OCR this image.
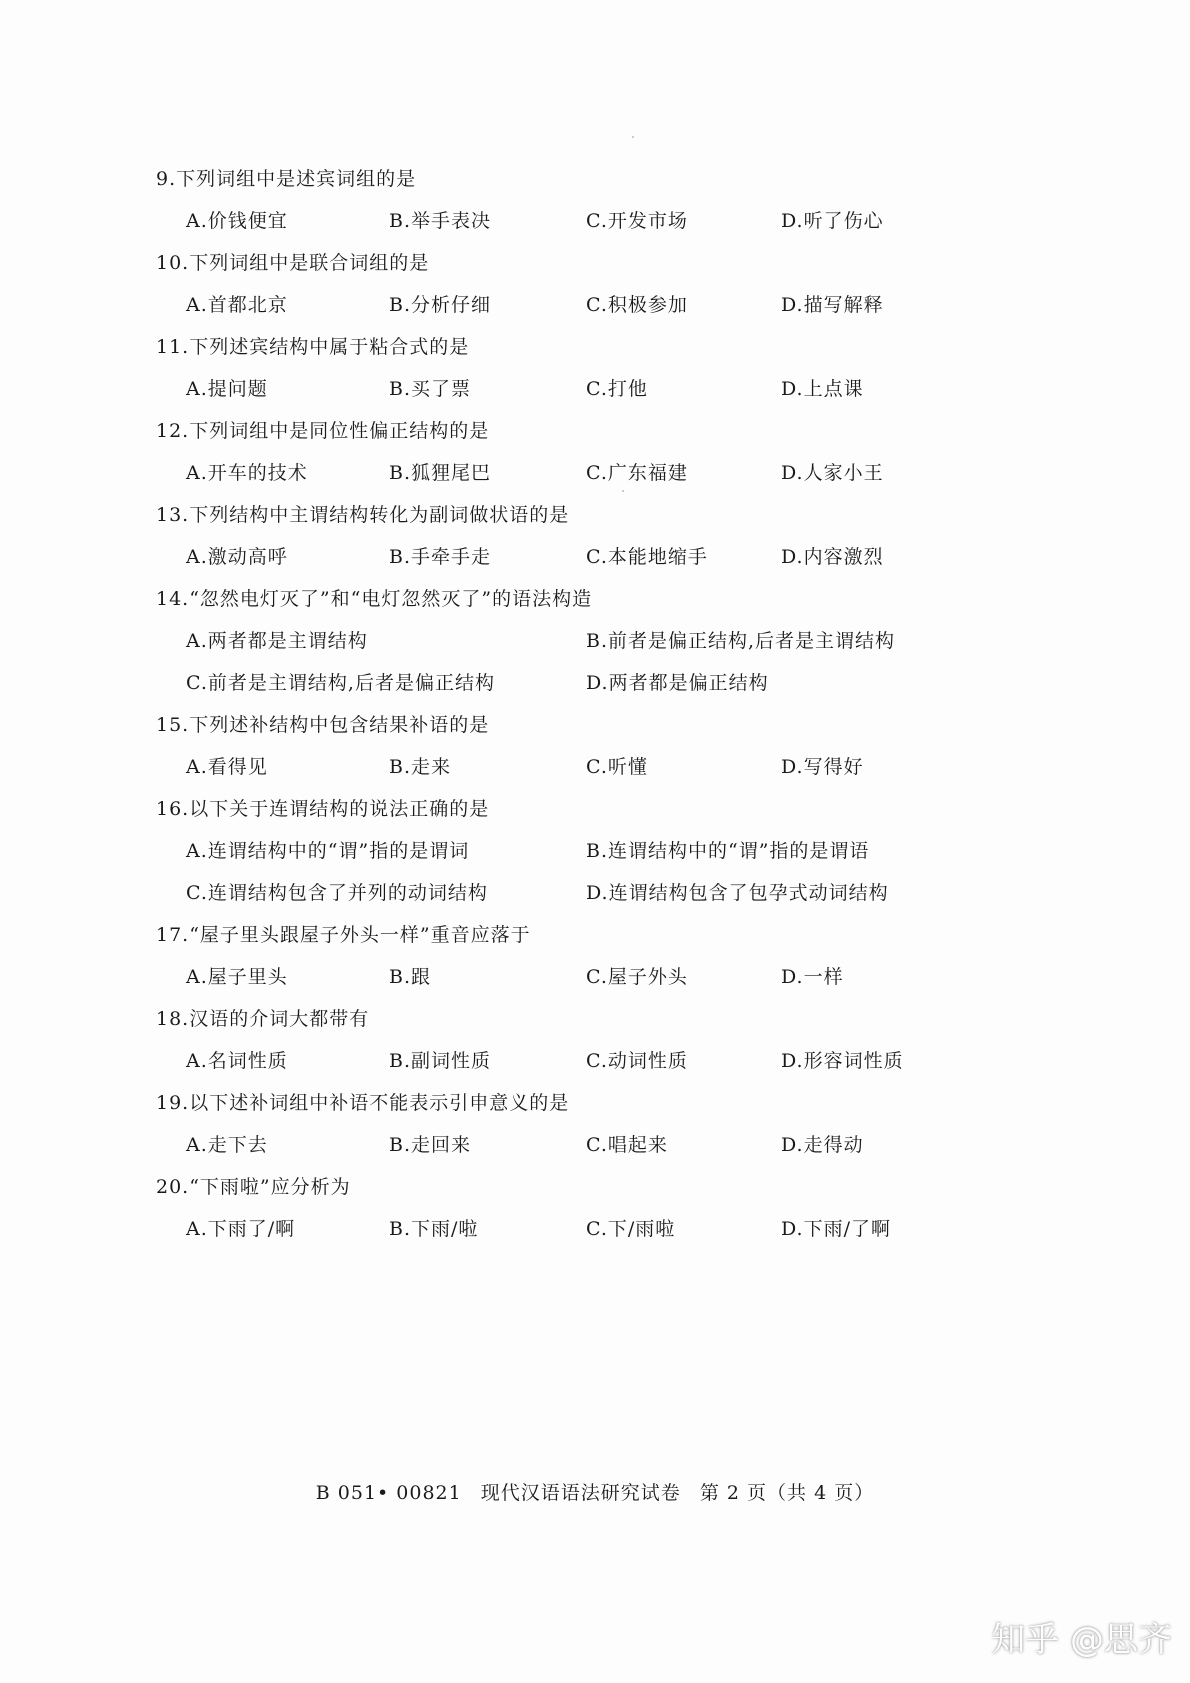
9.下列词组中是述宾词组的是
A.价钱便宜	B.举手表决	C.开发市场	D.听了伤心
10.下列词组中是联合词组的是
A.首都北京	B.分析仔细	C.积极参加	D.描写解释
11.下列述宾结构中属于粘合式的是
A.提问题	B.买了票	C.打他	D.上点课
12.下列词组中是同位性偏正结构的是
A.开车的技术	B.狐狸尾巴	C.广东福建	D.人家小王
13.下列结构中主谓结构转化为副词做状语的是
A.激动高呼	B.手牵手走	C.本能地缩手	D.内容激烈
14.“忽然电灯灭了”和“电灯忽然灭了”的语法构造
A.两者都是主谓结构	B.前者是偏正结构,后者是主谓结构
C.前者是主谓结构,后者是偏正结构	D.两者都是偏正结构
15.下列述补结构中包含结果补语的是
A.看得见	B.走来	C.听懂	D.写得好
16.以下关于连谓结构的说法正确的是
A.连谓结构中的“谓”指的是谓词	B.连谓结构中的“谓”指的是谓语
C.连谓结构包含了并列的动词结构	D.连谓结构包含了包孕式动词结构
17.“屋子里头跟屋子外头一样”重音应落于
A.屋子里头	B.跟	C.屋子外头	D.一样
18.汉语的介词大都带有
A.名词性质	B.副词性质	C.动词性质	D.形容词性质
19.以下述补词组中补语不能表示引申意义的是
A.走下去	B.走回来	C.唱起来	D.走得动
20.“下雨啦”应分析为
A.下雨了/啊	B.下雨/啦	C.下/雨啦	D.下雨/了啊
B 051• 00821 现代汉语语法研究试卷 第 2 页（共 4 页）
知乎 @思齐
